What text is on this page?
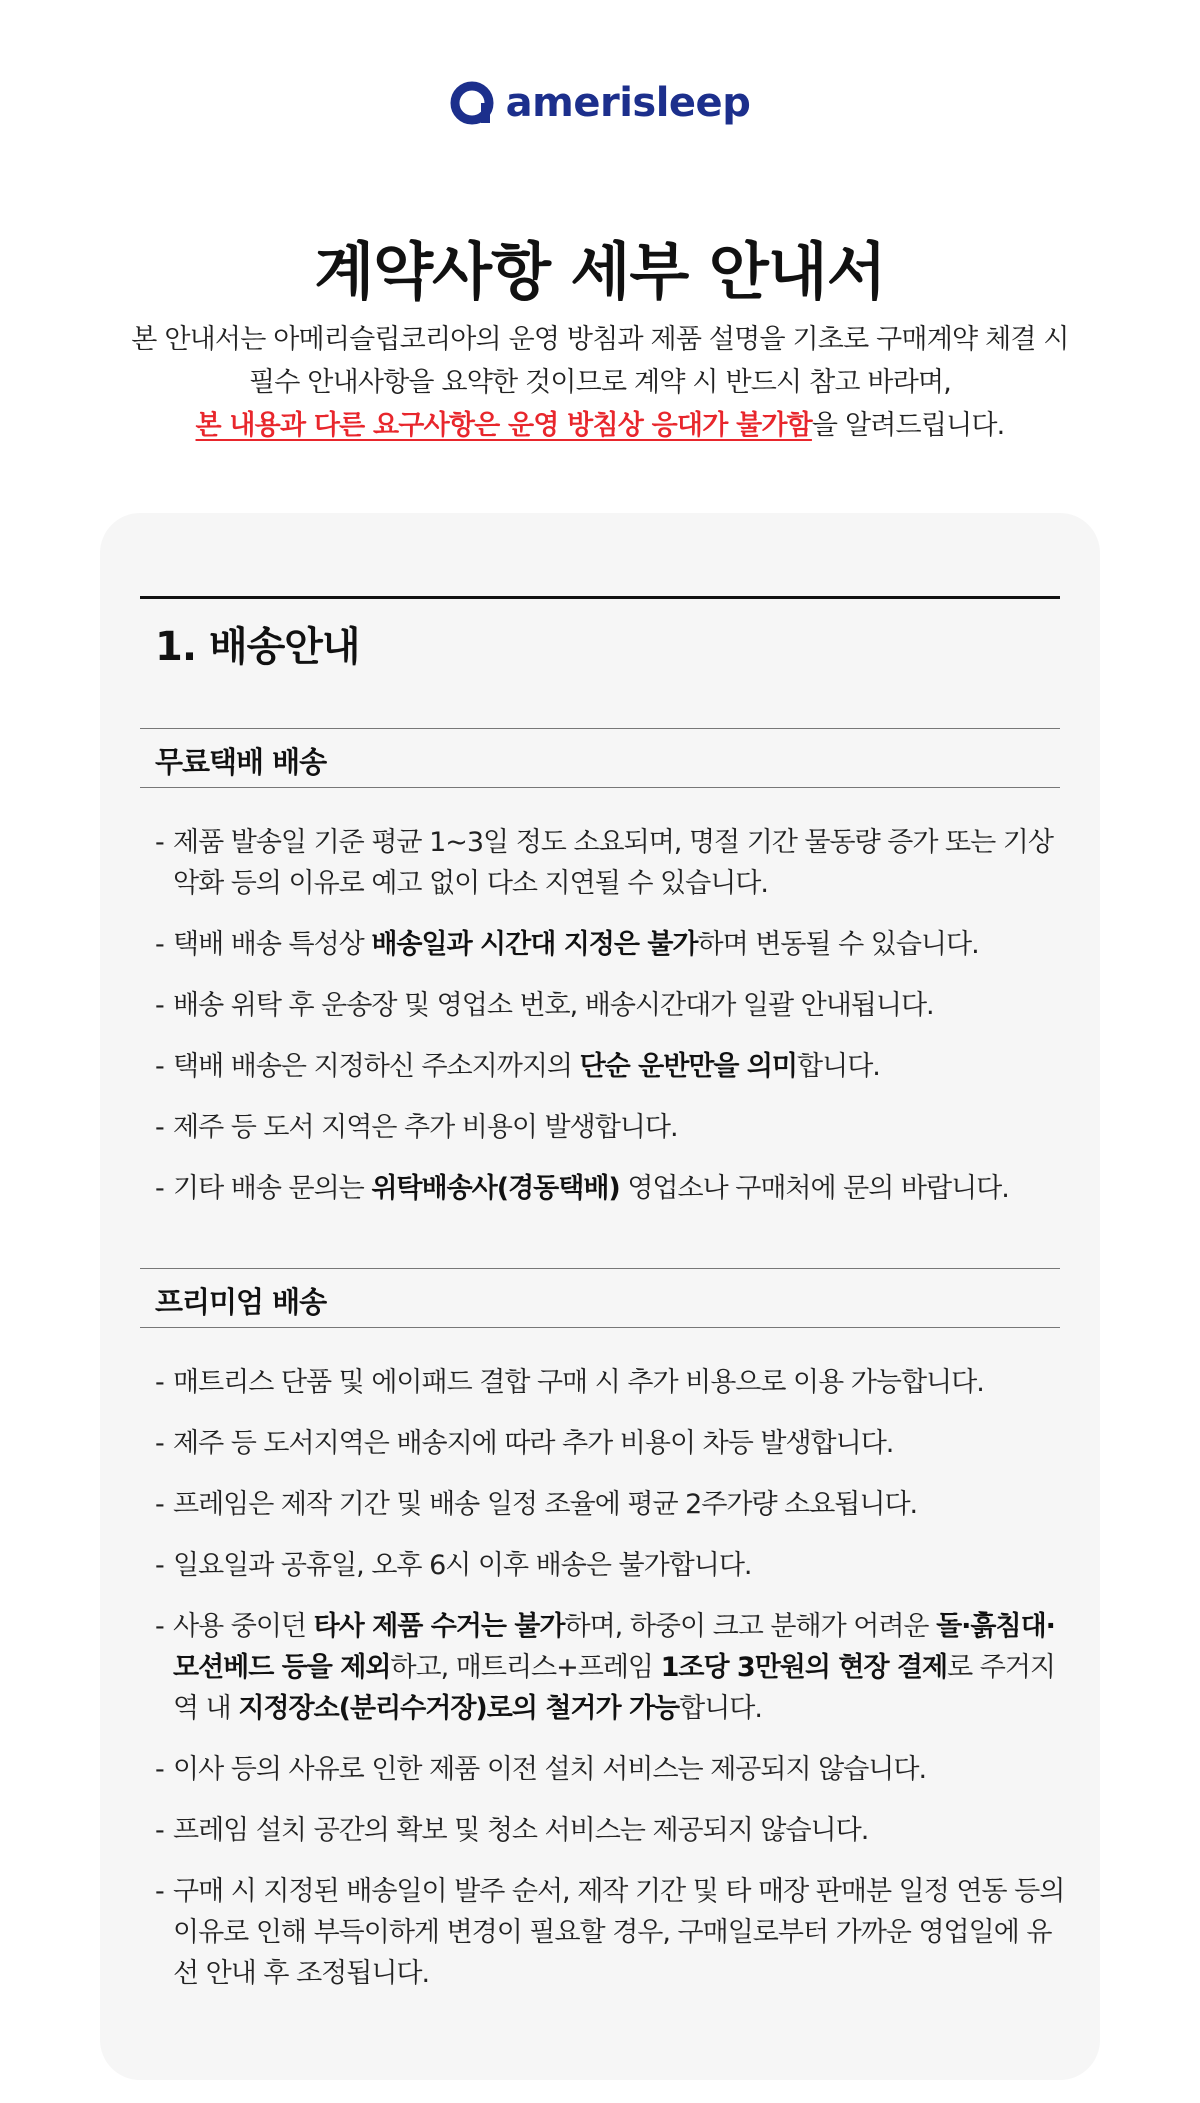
amerisleep
계약사항 세부 안내서
본 안내서는 아메리슬립코리아의 운영 방침과 제품 설명을 기초로 구매계약 체결 시
필수 안내사항을 요약한 것이므로 계약 시 반드시 참고 바라며,
본 내용과 다른 요구사항은 운영 방침상 응대가 불가함을 알려드립니다.
1. 배송안내
무료택배 배송
- 제품 발송일 기준 평균 1~3일 정도 소요되며, 명절 기간 물동량 증가 또는 기상악화 등의 이유로 예고 없이 다소 지연될 수 있습니다.
- 택배 배송 특성상 배송일과 시간대 지정은 불가하며 변동될 수 있습니다.
- 배송 위탁 후 운송장 및 영업소 번호, 배송시간대가 일괄 안내됩니다.
- 택배 배송은 지정하신 주소지까지의 단순 운반만을 의미합니다.
- 제주 등 도서 지역은 추가 비용이 발생합니다.
- 기타 배송 문의는 위탁배송사(경동택배) 영업소나 구매처에 문의 바랍니다.
프리미엄 배송
- 매트리스 단품 및 에이패드 결합 구매 시 추가 비용으로 이용 가능합니다.
- 제주 등 도서지역은 배송지에 따라 추가 비용이 차등 발생합니다.
- 프레임은 제작 기간 및 배송 일정 조율에 평균 2주가량 소요됩니다.
- 일요일과 공휴일, 오후 6시 이후 배송은 불가합니다.
- 사용 중이던 타사 제품 수거는 불가하며, 하중이 크고 분해가 어려운 돌·흙침대·모션베드 등을 제외하고, 매트리스+프레임 1조당 3만원의 현장 결제로 주거지역 내 지정장소(분리수거장)로의 철거가 가능합니다.
- 이사 등의 사유로 인한 제품 이전 설치 서비스는 제공되지 않습니다.
- 프레임 설치 공간의 확보 및 청소 서비스는 제공되지 않습니다.
- 구매 시 지정된 배송일이 발주 순서, 제작 기간 및 타 매장 판매분 일정 연동 등의 이유로 인해 부득이하게 변경이 필요할 경우, 구매일로부터 가까운 영업일에 유선 안내 후 조정됩니다.
